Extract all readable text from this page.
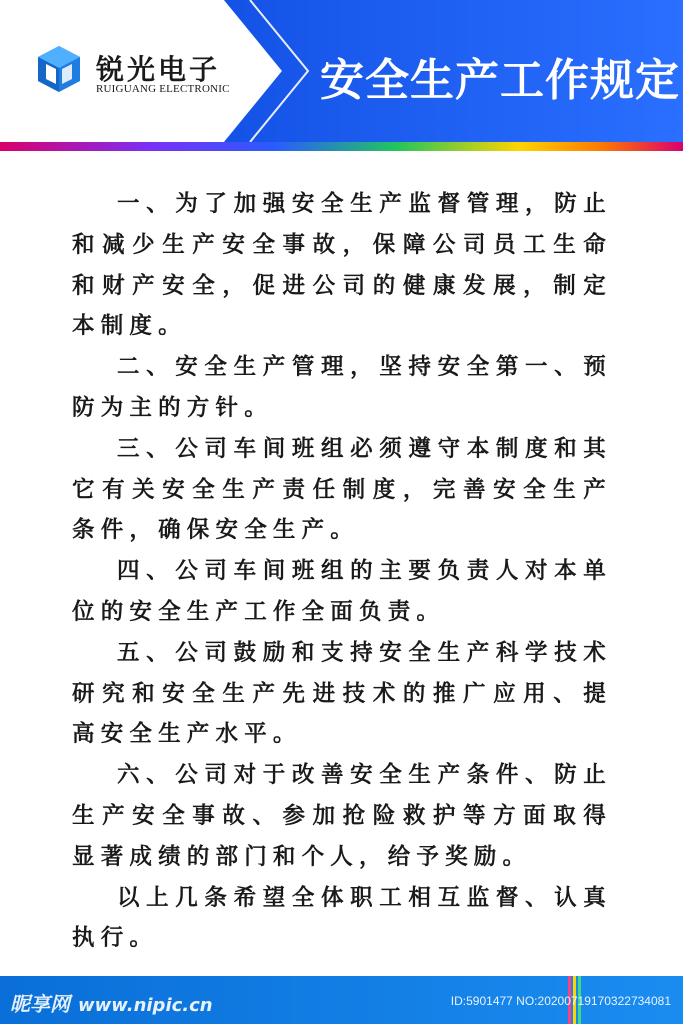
锐光电子
RUIGUANG ELECTRONIC 安全生产工作规定

一、为了加强安全生产监督管理，防止和减少生产安全事故，保障公司员工生命和财产安全，促进公司的健康发展，制定本制度。

二、安全生产管理，坚持安全第一、预防为主的方针。

三、公司车间班组必须遵守本制度和其它有关安全生产责任制度，完善安全生产条件，确保安全生产。

四、公司车间班组的主要负责人对本单位的安全生产工作全面负责。

五、公司鼓励和支持安全生产科学技术研究和安全生产先进技术的推广应用、提高安全生产水平。

六、公司对于改善安全生产条件、防止生产安全事故、参加抢险救护等方面取得显著成绩的部门和个人，给予奖励。

以上几条希望全体职工相互监督、认真执行。

昵享网 www.nipic.cn	ID:5901477 NO:20200719170322734081
